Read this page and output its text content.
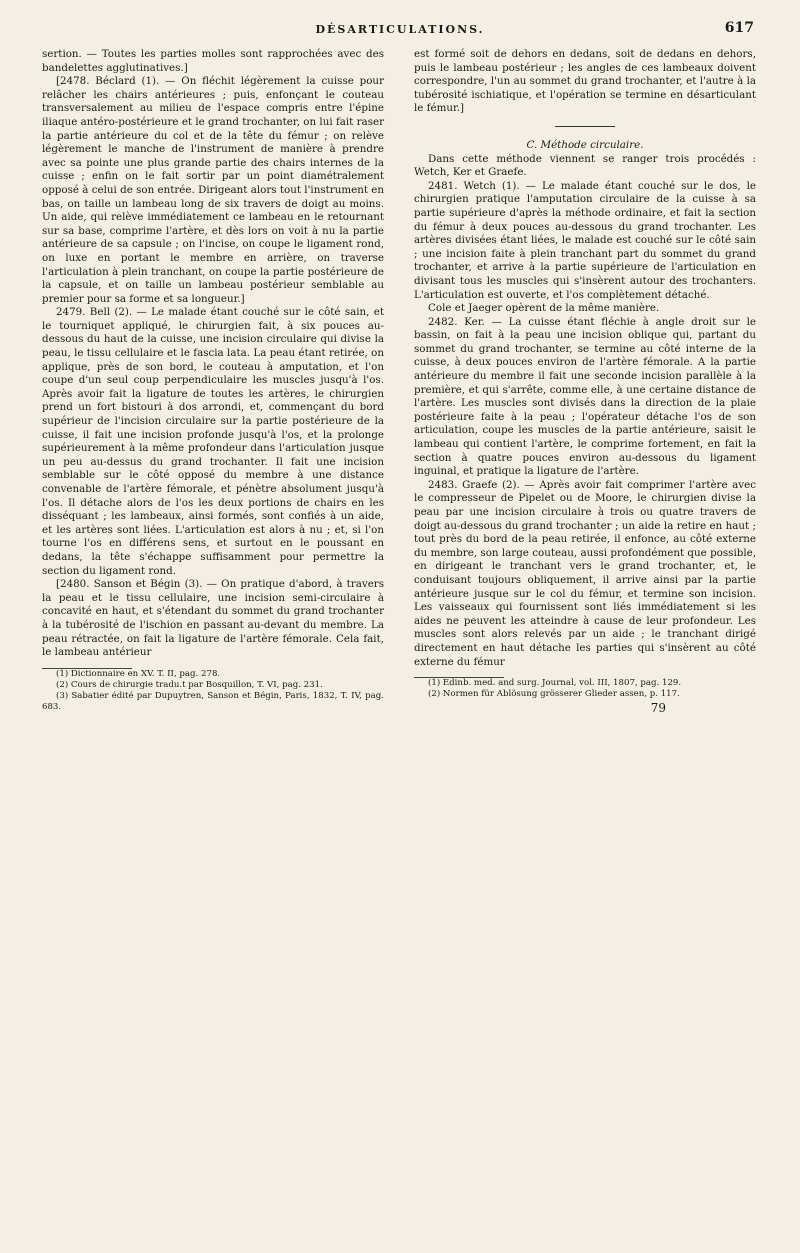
DÉSARTICULATIONS.	617

sertion. — Toutes les parties molles sont rapprochées avec des bandelettes agglutinatives.]

[2478. Béclard (1). — On fléchit légèrement la cuisse pour relâcher les chairs antérieures ; puis, enfonçant le couteau transversalement au milieu de l'espace compris entre l'épine iliaque antéro-postérieure et le grand trochanter, on lui fait raser la partie antérieure du col et de la tête du fémur ; on relève légèrement le manche de l'instrument de manière à prendre avec sa pointe une plus grande partie des chairs internes de la cuisse ; enfin on le fait sortir par un point diamétralement opposé à celui de son entrée. Dirigeant alors tout l'instrument en bas, on taille un lambeau long de six travers de doigt au moins. Un aide, qui relève immédiatement ce lambeau en le retournant sur sa base, comprime l'artère, et dès lors on voit à nu la partie antérieure de sa capsule ; on l'incise, on coupe le ligament rond, on luxe en portant le membre en arrière, on traverse l'articulation à plein tranchant, on coupe la partie postérieure de la capsule, et on taille un lambeau postérieur semblable au premier pour sa forme et sa longueur.]

2479. Bell (2). — Le malade étant couché sur le côté sain, et le tourniquet appliqué, le chirurgien fait, à six pouces au-dessous du haut de la cuisse, une incision circulaire qui divise la peau, le tissu cellulaire et le fascia lata. La peau étant retirée, on applique, près de son bord, le couteau à amputation, et l'on coupe d'un seul coup perpendiculaire les muscles jusqu'à l'os. Après avoir fait la ligature de toutes les artères, le chirurgien prend un fort bistouri à dos arrondi, et, commençant du bord supérieur de l'incision circulaire sur la partie postérieure de la cuisse, il fait une incision profonde jusqu'à l'os, et la prolonge supérieurement à la même profondeur dans l'articulation jusque un peu au-dessus du grand trochanter. Il fait une incision semblable sur le côté opposé du membre à une distance convenable de l'artère fémorale, et pénètre absolument jusqu'à l'os. Il détache alors de l'os les deux portions de chairs en les disséquant ; les lambeaux, ainsi formés, sont confiés à un aide, et les artères sont liées. L'articulation est alors à nu ; et, si l'on tourne l'os en différens sens, et surtout en le poussant en dedans, la tête s'échappe suffisamment pour permettre la section du ligament rond.

[2480. Sanson et Bégin (3). — On pratique d'abord, à travers la peau et le tissu cellulaire, une incision semi-circulaire à concavité en haut, et s'étendant du sommet du grand trochanter à la tubérosité de l'ischion en passant au-devant du membre. La peau rétractée, on fait la ligature de l'artère fémorale. Cela fait, le lambeau antérieur

(1) Dictionnaire en XV. T. II, pag. 278.

(2) Cours de chirurgie tradu.t par Bosquillon, T. VI, pag. 231.

(3) Sabatier édité par Dupuytren, Sanson et Bégin, Paris, 1832, T. IV, pag. 683.

est formé soit de dehors en dedans, soit de dedans en dehors, puis le lambeau postérieur ; les angles de ces lambeaux doivent correspondre, l'un au sommet du grand trochanter, et l'autre à la tubérosité ischiatique, et l'opération se termine en désarticulant le fémur.]

C. Méthode circulaire.

Dans cette méthode viennent se ranger trois procédés : Wetch, Ker et Graefe.

2481. Wetch (1). — Le malade étant couché sur le dos, le chirurgien pratique l'amputation circulaire de la cuisse à sa partie supérieure d'après la méthode ordinaire, et fait la section du fémur à deux pouces au-dessous du grand trochanter. Les artères divisées étant liées, le malade est couché sur le côté sain ; une incision faite à plein tranchant part du sommet du grand trochanter, et arrive à la partie supérieure de l'articulation en divisant tous les muscles qui s'insèrent autour des trochanters. L'articulation est ouverte, et l'os complètement détaché.

Cole et Jaeger opèrent de la même manière.

2482. Ker. — La cuisse étant fléchie à angle droit sur le bassin, on fait à la peau une incision oblique qui, partant du sommet du grand trochanter, se termine au côté interne de la cuisse, à deux pouces environ de l'artère fémorale. A la partie antérieure du membre il fait une seconde incision parallèle à la première, et qui s'arrête, comme elle, à une certaine distance de l'artère. Les muscles sont divisés dans la direction de la plaie postérieure faite à la peau ; l'opérateur détache l'os de son articulation, coupe les muscles de la partie antérieure, saisit le lambeau qui contient l'artère, le comprime fortement, en fait la section à quatre pouces environ au-dessous du ligament inguinal, et pratique la ligature de l'artère.

2483. Graefe (2). — Après avoir fait comprimer l'artère avec le compresseur de Pipelet ou de Moore, le chirurgien divise la peau par une incision circulaire à trois ou quatre travers de doigt au-dessous du grand trochanter ; un aide la retire en haut ; tout près du bord de la peau retirée, il enfonce, au côté externe du membre, son large couteau, aussi profondément que possible, en dirigeant le tranchant vers le grand trochanter, et, le conduisant toujours obliquement, il arrive ainsi par la partie antérieure jusque sur le col du fémur, et termine son incision. Les vaisseaux qui fournissent sont liés immédiatement si les aides ne peuvent les atteindre à cause de leur profondeur. Les muscles sont alors relevés par un aide ; le tranchant dirigé directement en haut détache les parties qui s'insèrent au côté externe du fémur

(1) Edinb. med. and surg. Journal, vol. III, 1807, pag. 129.

(2) Normen für Ablösung grösserer Glieder assen, p. 117.

79
